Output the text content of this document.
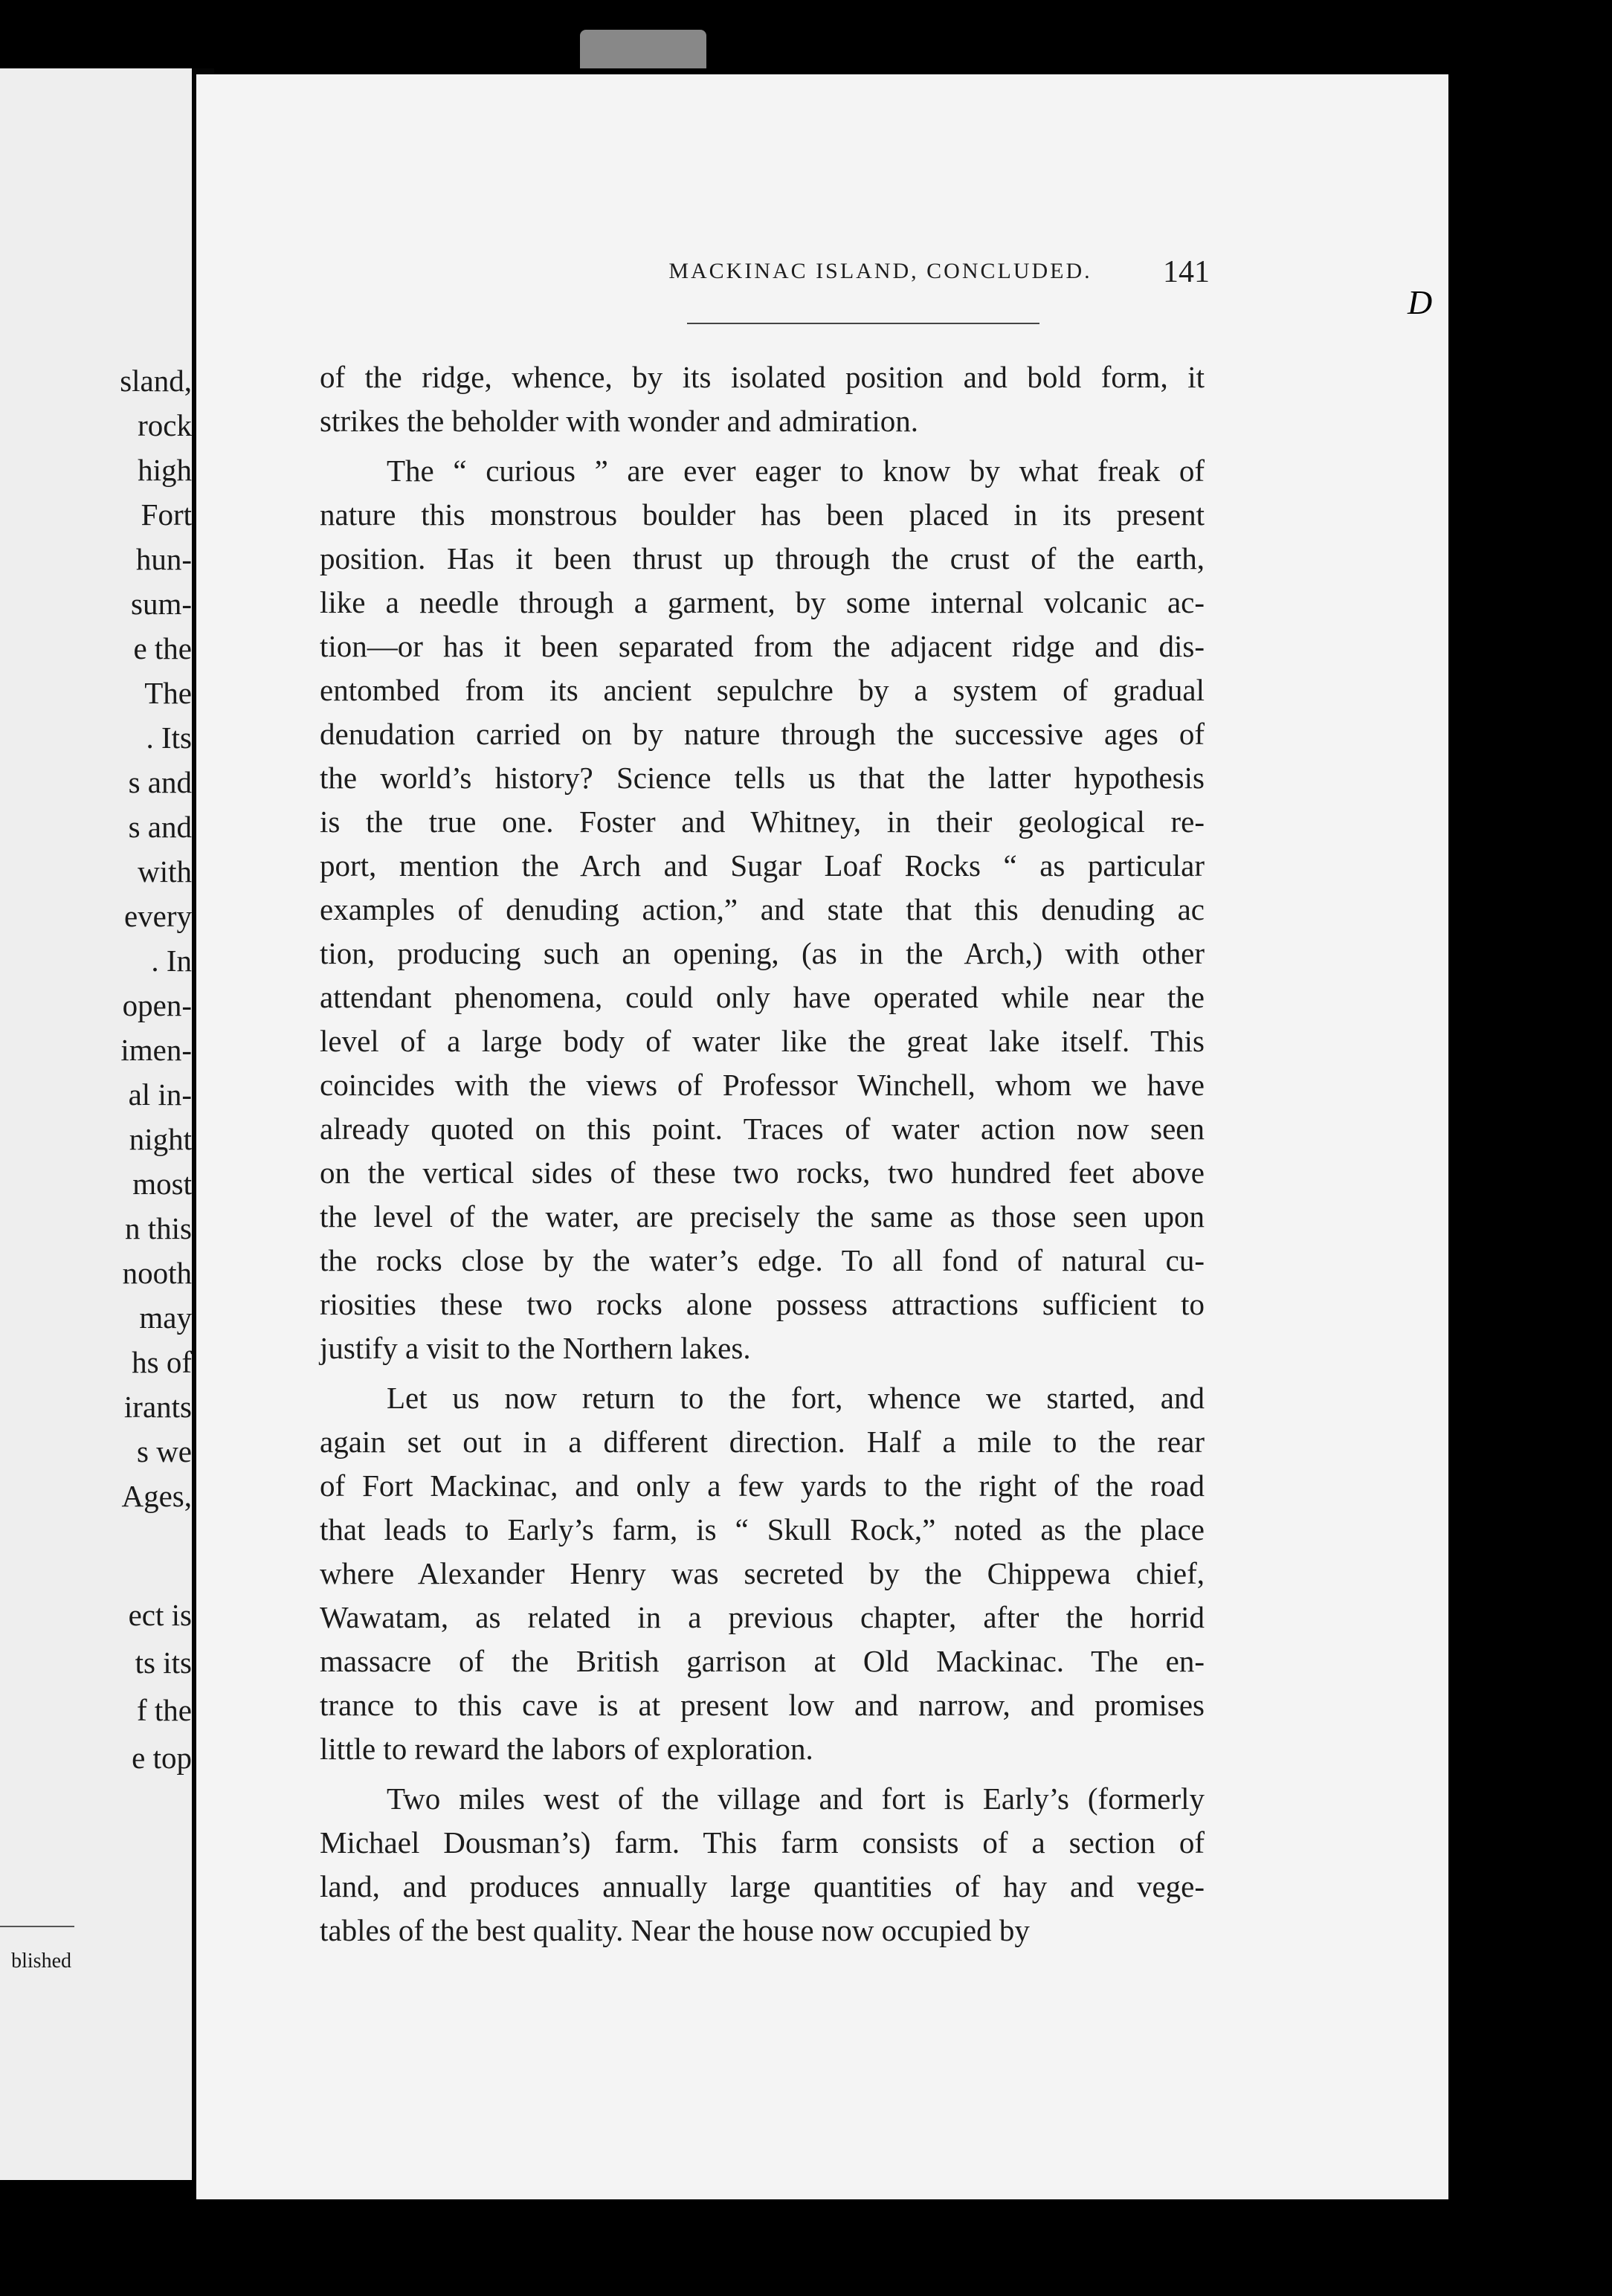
blished
sland,
rock
high
Fort
hun-
sum-
e the
The
. Its
s and
s and
with
every
. In
open-
imen-
al in-
night
most
n this
nooth
may
hs of
irants
s we
Ages,
ect is
ts its
f the
e top
MACKINAC ISLAND, CONCLUDED.	141
of the ridge, whence, by its isolated position and bold form, it
strikes the beholder with wonder and admiration.
The “ curious ” are ever eager to know by what freak of
nature this monstrous boulder has been placed in its present
position. Has it been thrust up through the crust of the earth,
like a needle through a garment, by some internal volcanic ac-
tion—or has it been separated from the adjacent ridge and dis-
entombed from its ancient sepulchre by a system of gradual
denudation carried on by nature through the successive ages of
the world’s history? Science tells us that the latter hypothesis
is the true one. Foster and Whitney, in their geological re-
port, mention the Arch and Sugar Loaf Rocks “ as particular
examples of denuding action,” and state that this denuding ac
tion, producing such an opening, (as in the Arch,) with other
attendant phenomena, could only have operated while near the
level of a large body of water like the great lake itself. This
coincides with the views of Professor Winchell, whom we have
already quoted on this point. Traces of water action now seen
on the vertical sides of these two rocks, two hundred feet above
the level of the water, are precisely the same as those seen upon
the rocks close by the water’s edge. To all fond of natural cu-
riosities these two rocks alone possess attractions sufficient to
justify a visit to the Northern lakes.
Let us now return to the fort, whence we started, and
again set out in a different direction. Half a mile to the rear
of Fort Mackinac, and only a few yards to the right of the road
that leads to Early’s farm, is “ Skull Rock,” noted as the place
where Alexander Henry was secreted by the Chippewa chief,
Wawatam, as related in a previous chapter, after the horrid
massacre of the British garrison at Old Mackinac. The en-
trance to this cave is at present low and narrow, and promises
little to reward the labors of exploration.
Two miles west of the village and fort is Early’s (formerly
Michael Dousman’s) farm. This farm consists of a section of
land, and produces annually large quantities of hay and vege-
tables of the best quality. Near the house now occupied by
D
